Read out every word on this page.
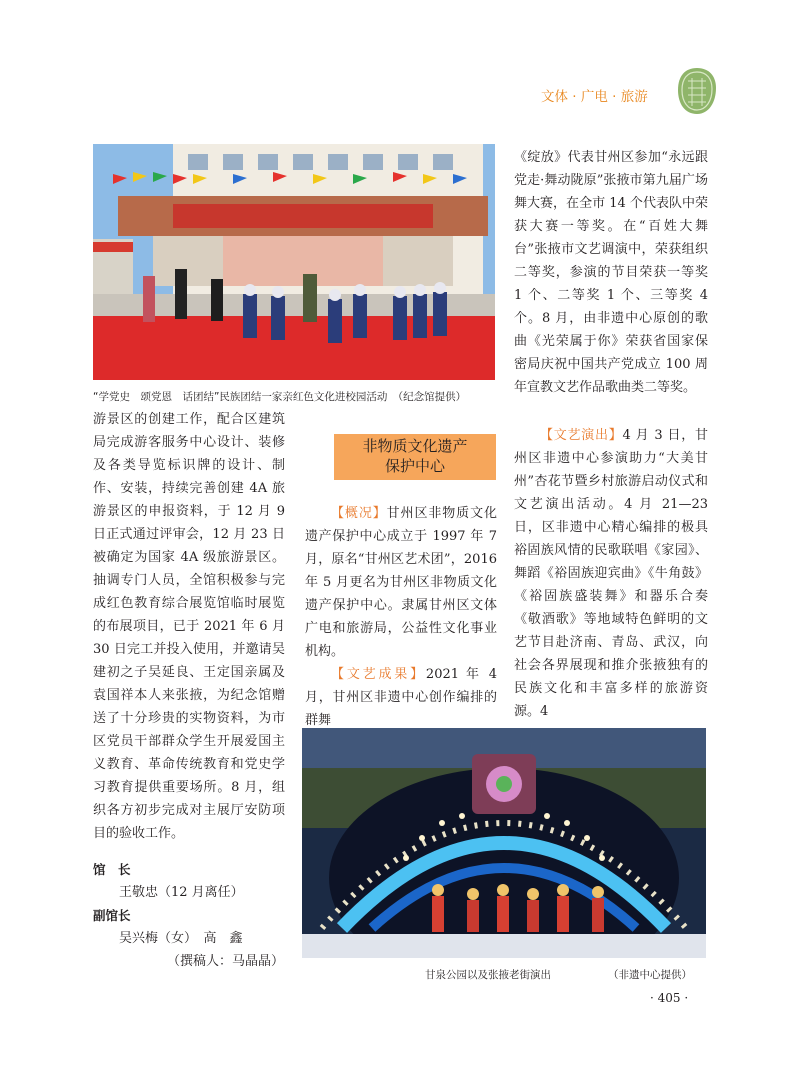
文体 · 广电 · 旅游
“学党史　颂党恩　话团结”民族团结一家亲红色文化进校园活动　（纪念馆提供）

《绽放》代表甘州区参加“永远跟党走·舞动陇原”张掖市第九届广场舞大赛，在全市 14 个代表队中荣获大赛一等奖。在“百姓大舞台”张掖市文艺调演中，荣获组织二等奖，参演的节目荣获一等奖 1 个、二等奖 1 个、三等奖 4 个。8 月，由非遗中心原创的歌曲《光荣属于你》荣获省国家保密局庆祝中国共产党成立 100 周年宣教文艺作品歌曲类二等奖。

游景区的创建工作，配合区建筑局完成游客服务中心设计、装修及各类导览标识牌的设计、制作、安装，持续完善创建 4A 旅游景区的申报资料，于 12 月 9 日正式通过评审会，12 月 23 日被确定为国家 4A 级旅游景区。抽调专门人员，全馆积极参与完成红色教育综合展览馆临时展览的布展项目，已于 2021 年 6 月 30 日完工并投入使用，并邀请吴建初之子吴延良、王定国亲属及袁国祥本人来张掖，为纪念馆赠送了十分珍贵的实物资料，为市区党员干部群众学生开展爱国主义教育、革命传统教育和党史学习教育提供重要场所。8 月，组织各方初步完成对主展厅安防项目的验收工作。

馆　长
王敬忠（12 月离任）
副馆长
吴兴梅（女）　高　鑫
（撰稿人：马晶晶）
非物质文化遗产
保护中心

【概况】甘州区非物质文化遗产保护中心成立于 1997 年 7 月，原名“甘州区艺术团”，2016 年 5 月更名为甘州区非物质文化遗产保护中心。隶属甘州区文体广电和旅游局，公益性文化事业机构。

【文艺成果】2021 年 4 月，甘州区非遗中心创作编排的群舞

【文艺演出】4 月 3 日，甘州区非遗中心参演助力“大美甘州”杏花节暨乡村旅游启动仪式和文艺演出活动。4 月 21—23 日，区非遗中心精心编排的极具裕固族风情的民歌联唱《家园》、舞蹈《裕固族迎宾曲》《牛角鼓》《裕固族盛装舞》和器乐合奏《敬酒歌》等地域特色鲜明的文艺节目赴济南、青岛、武汉，向社会各界展现和推介张掖独有的民族文化和丰富多样的旅游资源。4

甘泉公园以及张掖老街演出	（非遗中心提供）
· 405 ·
